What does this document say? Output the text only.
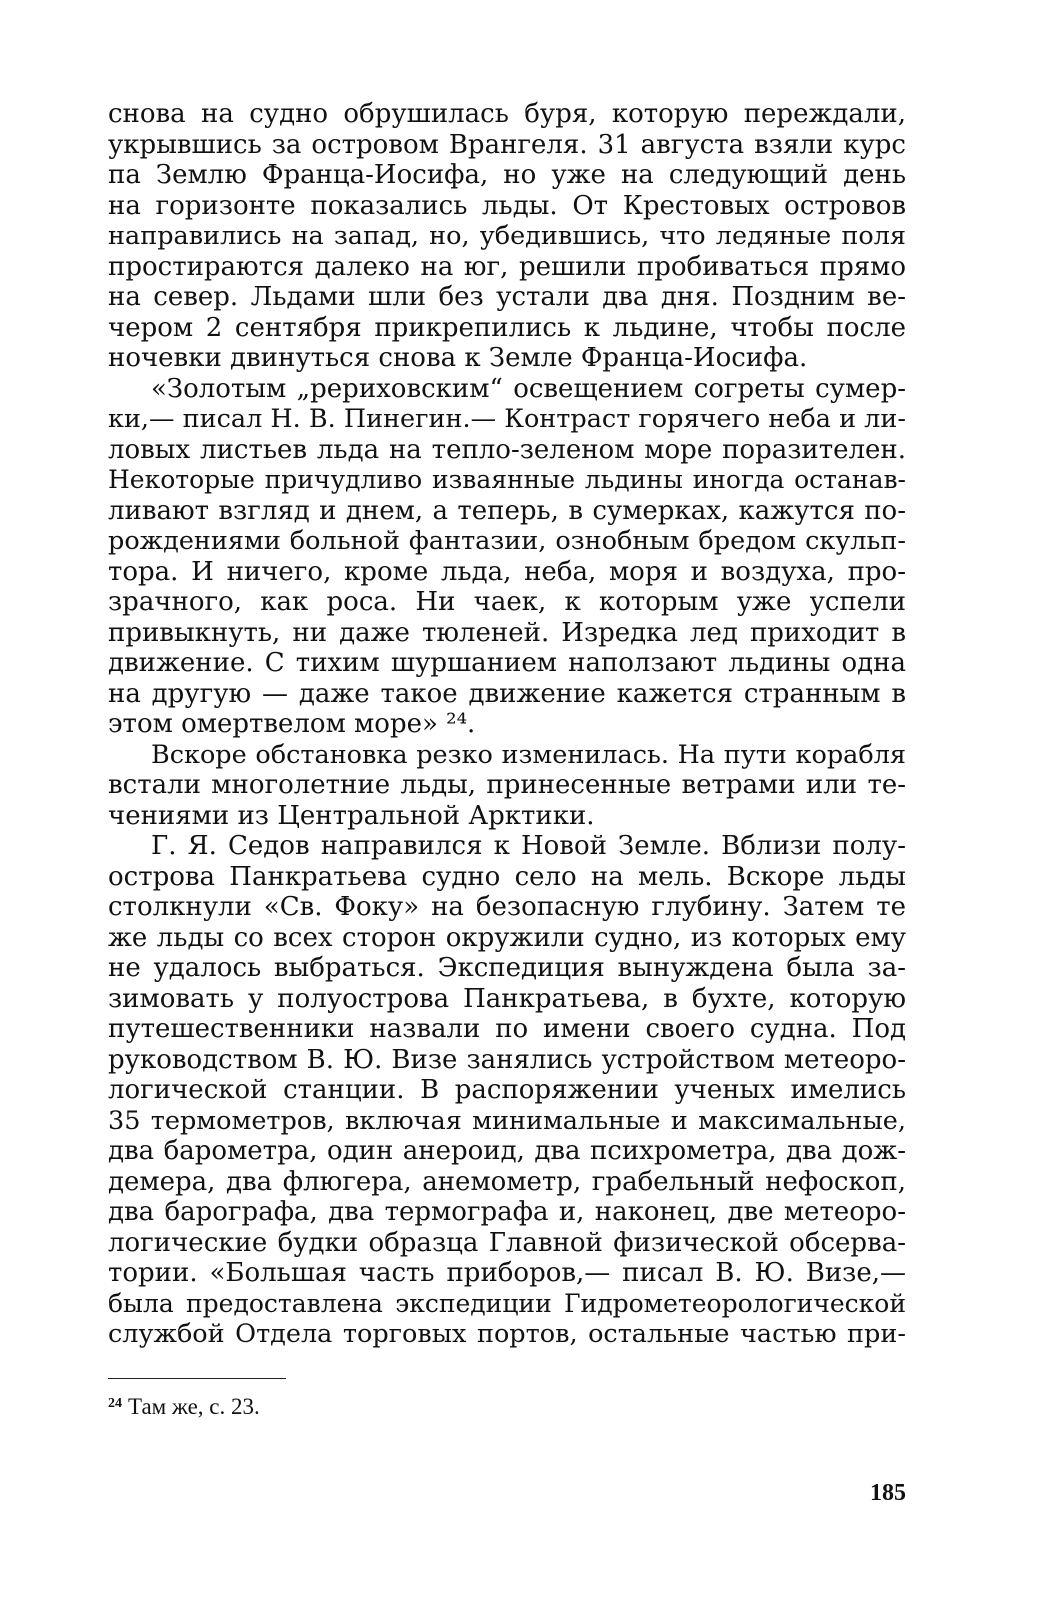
снова на судно обрушилась буря, которую переждали,
укрывшись за островом Врангеля. 31 августа взяли курс
па Землю Франца-Иосифа, но уже на следующий день
на горизонте показались льды. От Крестовых островов
направились на запад, но, убедившись, что ледяные поля
простираются далеко на юг, решили пробиваться прямо
на север. Льдами шли без устали два дня. Поздним ве-
чером 2 сентября прикрепились к льдине, чтобы после
ночевки двинуться снова к Земле Франца-Иосифа.
«Золотым „рериховским“ освещением согреты сумер-
ки,— писал Н. В. Пинегин.— Контраст горячего неба и ли-
ловых листьев льда на тепло-зеленом море поразителен.
Некоторые причудливо изваянные льдины иногда останав-
ливают взгляд и днем, а теперь, в сумерках, кажутся по-
рождениями больной фантазии, ознобным бредом скульп-
тора. И ничего, кроме льда, неба, моря и воздуха, про-
зрачного, как роса. Ни чаек, к которым уже успели
привыкнуть, ни даже тюленей. Изредка лед приходит в
движение. С тихим шуршанием наползают льдины одна
на другую — даже такое движение кажется странным в
этом омертвелом море» ²⁴.
Вскоре обстановка резко изменилась. На пути корабля
встали многолетние льды, принесенные ветрами или те-
чениями из Центральной Арктики.
Г. Я. Седов направился к Новой Земле. Вблизи полу-
острова Панкратьева судно село на мель. Вскоре льды
столкнули «Св. Фоку» на безопасную глубину. Затем те
же льды со всех сторон окружили судно, из которых ему
не удалось выбраться. Экспедиция вынуждена была за-
зимовать у полуострова Панкратьева, в бухте, которую
путешественники назвали по имени своего судна. Под
руководством В. Ю. Визе занялись устройством метеоро-
логической станции. В распоряжении ученых имелись
35 термометров, включая минимальные и максимальные,
два барометра, один анероид, два психрометра, два дож-
демера, два флюгера, анемометр, грабельный нефоскоп,
два барографа, два термографа и, наконец, две метеоро-
логические будки образца Главной физической обсерва-
тории. «Большая часть приборов,— писал В. Ю. Визе,—
была предоставлена экспедиции Гидрометеорологической
службой Отдела торговых портов, остальные частью при-
$^{24}$ Там же, с. 23.
185
